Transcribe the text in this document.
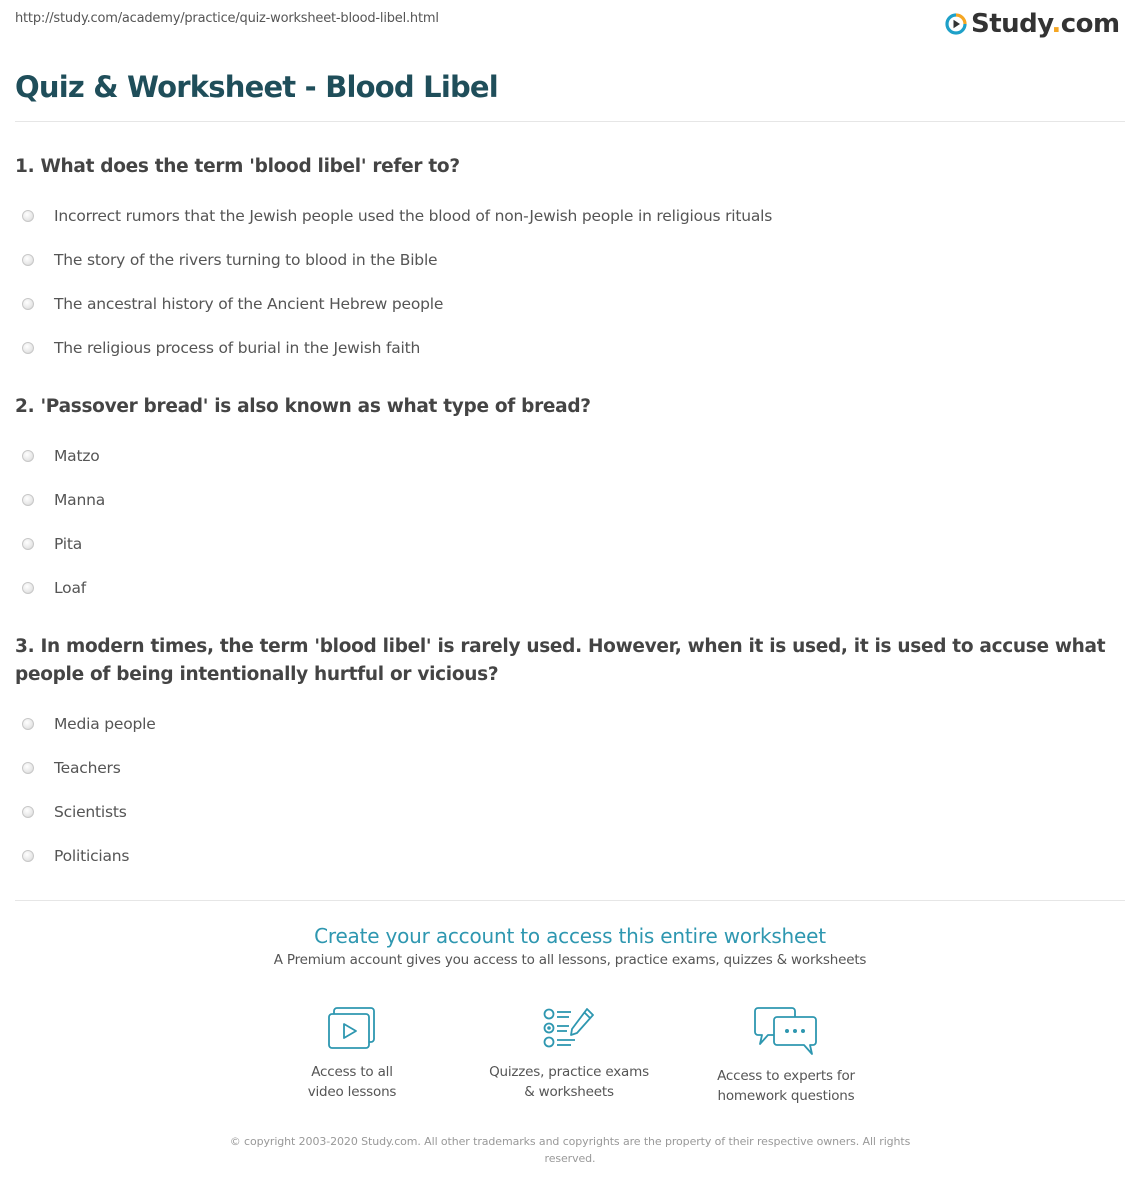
http://study.com/academy/practice/quiz-worksheet-blood-libel.html	Study.com
Quiz & Worksheet - Blood Libel
1. What does the term 'blood libel' refer to?
Incorrect rumors that the Jewish people used the blood of non-Jewish people in religious rituals
The story of the rivers turning to blood in the Bible
The ancestral history of the Ancient Hebrew people
The religious process of burial in the Jewish faith
2. 'Passover bread' is also known as what type of bread?
Matzo
Manna
Pita
Loaf
3. In modern times, the term 'blood libel' is rarely used. However, when it is used, it is used to accuse what people of being intentionally hurtful or vicious?
Media people
Teachers
Scientists
Politicians
Create your account to access this entire worksheet
A Premium account gives you access to all lessons, practice exams, quizzes & worksheets
Access to all
video lessons
Quizzes, practice exams
& worksheets
Access to experts for
homework questions
© copyright 2003-2020 Study.com. All other trademarks and copyrights are the property of their respective owners. All rights reserved.
